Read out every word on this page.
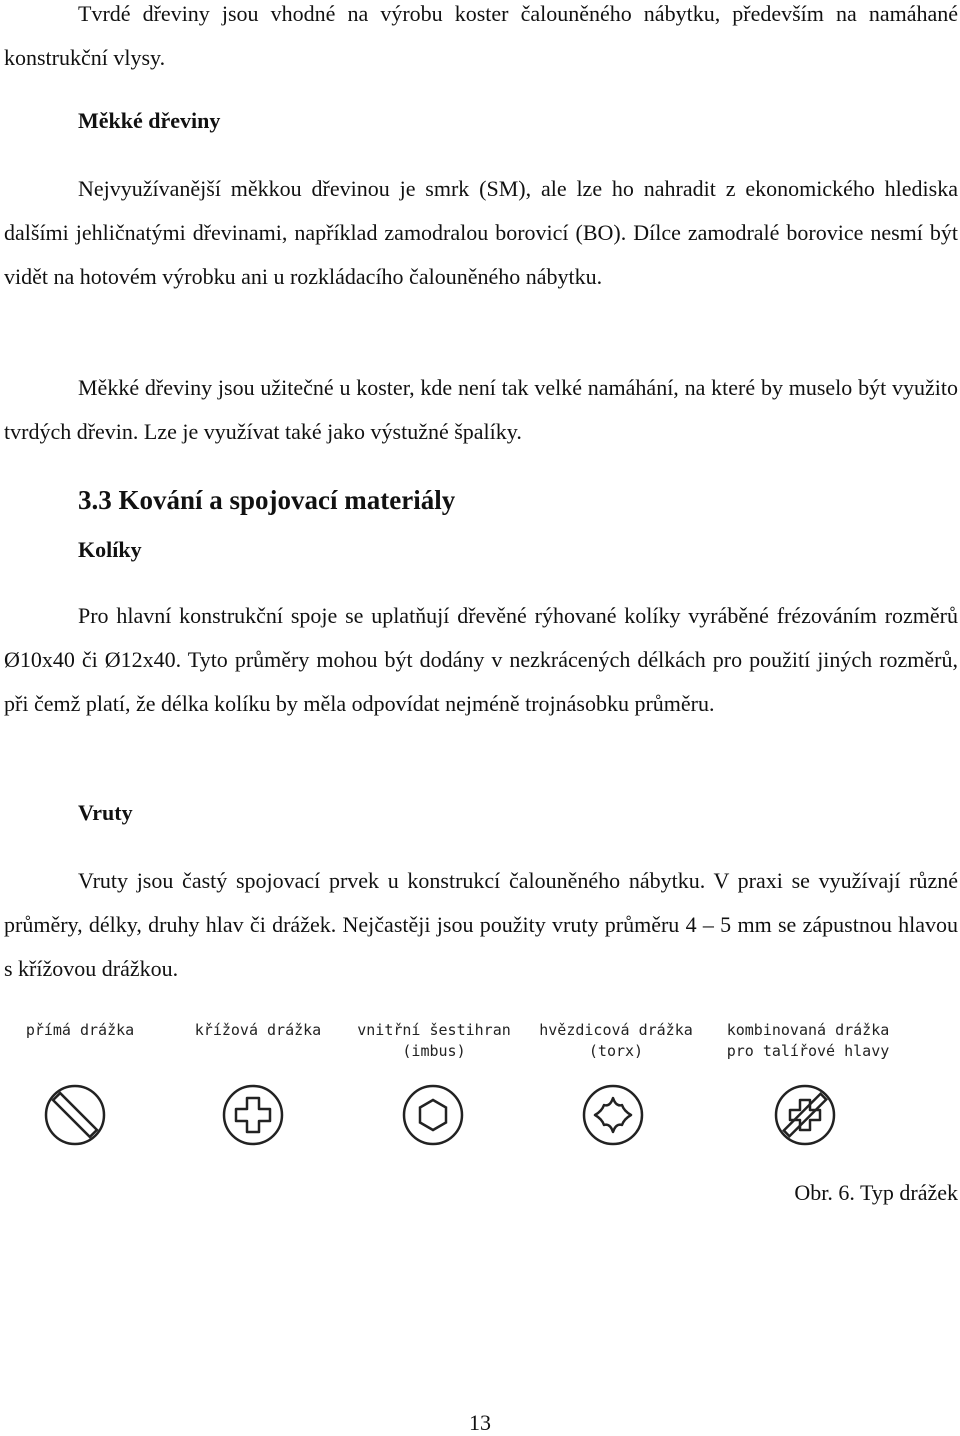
Tvrdé dřeviny jsou vhodné na výrobu koster čalouněného nábytku, především na namáhané konstrukční vlysy.

Měkké dřeviny

Nejvyužívanější měkkou dřevinou je smrk (SM), ale lze ho nahradit z ekonomického hlediska dalšími jehličnatými dřevinami, například zamodralou borovicí (BO). Dílce zamodralé borovice nesmí být vidět na hotovém výrobku ani u rozkládacího čalouněného nábytku.

Měkké dřeviny jsou užitečné u koster, kde není tak velké namáhání, na které by muselo být využito tvrdých dřevin. Lze je využívat také jako výstužné špalíky.

3.3 Kování a spojovací materiály

Kolíky

Pro hlavní konstrukční spoje se uplatňují dřevěné rýhované kolíky vyráběné frézováním rozměrů Ø10x40 či Ø12x40. Tyto průměry mohou být dodány v nezkrácených délkách pro použití jiných rozměrů, při čemž platí, že délka kolíku by měla odpovídat nejméně trojnásobku průměru.

Vruty

Vruty jsou častý spojovací prvek u konstrukcí čalouněného nábytku. V praxi se využívají různé průměry, délky, druhy hlav či drážek. Nejčastěji jsou použity vruty průměru 4 – 5 mm se zápustnou hlavou s křížovou drážkou.

přímá drážka	křížová drážka	vnitřní šestihran
(imbus)
hvězdicová drážka
(torx)
kombinovaná drážka
pro talířové hlavy

Obr. 6. Typ drážek

13
